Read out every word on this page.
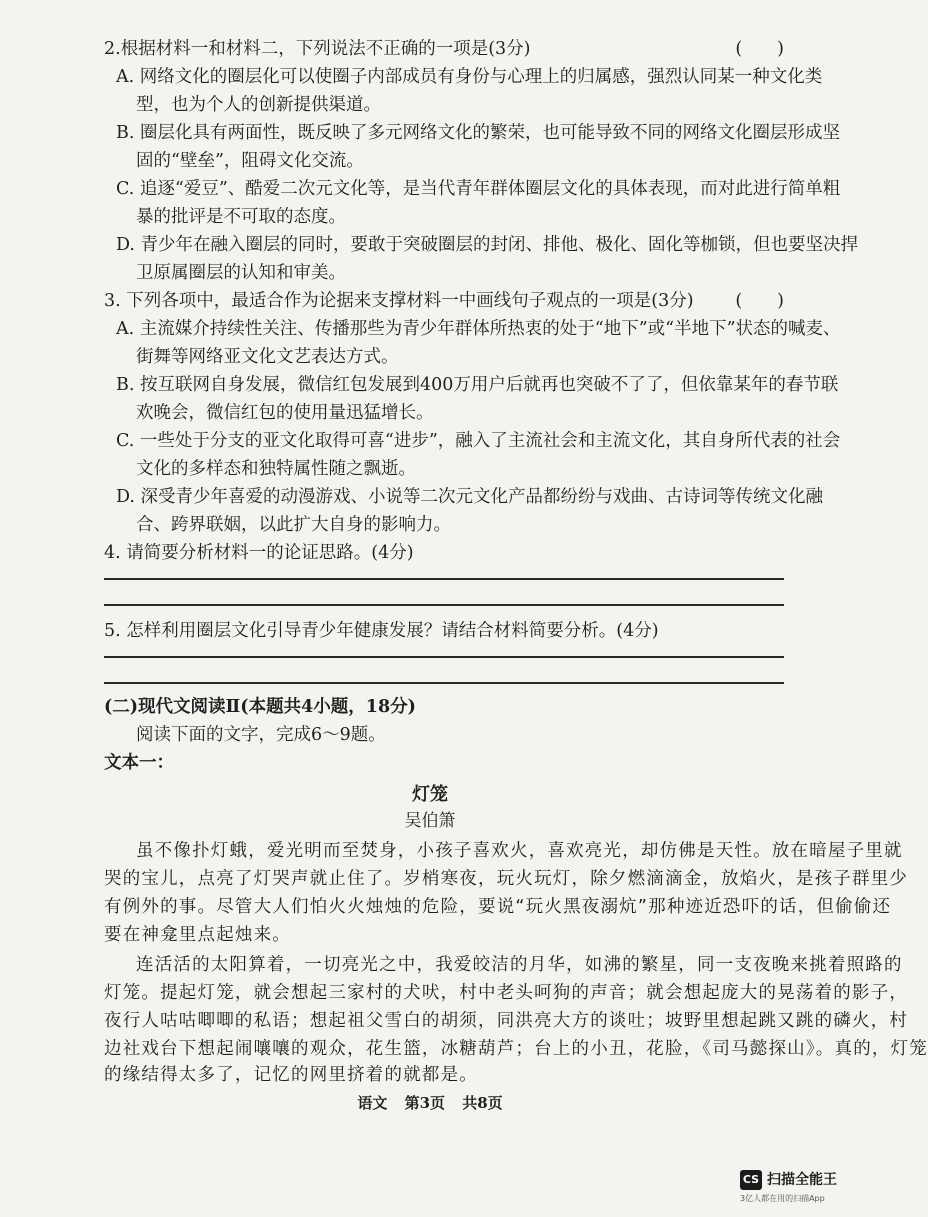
2.根据材料一和材料二，下列说法不正确的一项是(3分)	(　　)
A. 网络文化的圈层化可以使圈子内部成员有身份与心理上的归属感，强烈认同某一种文化类
型，也为个人的创新提供渠道。
B. 圈层化具有两面性，既反映了多元网络文化的繁荣，也可能导致不同的网络文化圈层形成坚
固的“壁垒”，阻碍文化交流。
C. 追逐“爱豆”、酷爱二次元文化等，是当代青年群体圈层文化的具体表现，而对此进行简单粗
暴的批评是不可取的态度。
D. 青少年在融入圈层的同时，要敢于突破圈层的封闭、排他、极化、固化等枷锁，但也要坚决捍
卫原属圈层的认知和审美。
3. 下列各项中，最适合作为论据来支撑材料一中画线句子观点的一项是(3分)	(　　)
A. 主流媒介持续性关注、传播那些为青少年群体所热衷的处于“地下”或“半地下”状态的喊麦、
街舞等网络亚文化文艺表达方式。
B. 按互联网自身发展，微信红包发展到400万用户后就再也突破不了了，但依靠某年的春节联
欢晚会，微信红包的使用量迅猛增长。
C. 一些处于分支的亚文化取得可喜“进步”，融入了主流社会和主流文化，其自身所代表的社会
文化的多样态和独特属性随之飘逝。
D. 深受青少年喜爱的动漫游戏、小说等二次元文化产品都纷纷与戏曲、古诗词等传统文化融
合、跨界联姻，以此扩大自身的影响力。
4. 请简要分析材料一的论证思路。(4分)
5. 怎样利用圈层文化引导青少年健康发展？请结合材料简要分析。(4分)
(二)现代文阅读Ⅱ(本题共4小题，18分)
阅读下面的文字，完成6～9题。
文本一：
灯笼
吴伯箫
虽不像扑灯蛾，爱光明而至焚身，小孩子喜欢火，喜欢亮光，却仿佛是天性。放在暗屋子里就
哭的宝儿，点亮了灯哭声就止住了。岁梢寒夜，玩火玩灯，除夕燃滴滴金，放焰火，是孩子群里少
有例外的事。尽管大人们怕火火烛烛的危险，要说“玩火黑夜溺炕”那种迹近恐吓的话，但偷偷还
要在神龛里点起烛来。
连活活的太阳算着，一切亮光之中，我爱皎洁的月华，如沸的繁星，同一支夜晚来挑着照路的
灯笼。提起灯笼，就会想起三家村的犬吠，村中老头呵狗的声音；就会想起庞大的晃荡着的影子，
夜行人咕咕唧唧的私语；想起祖父雪白的胡须，同洪亮大方的谈吐；坡野里想起跳又跳的磷火，村
边社戏台下想起闹嚷嚷的观众，花生篮，冰糖葫芦；台上的小丑，花脸，《司马懿探山》。真的，灯笼
语文 第3页 共8页
的缘结得太多了，记忆的网里挤着的就都是。
CS 扫描全能王
3亿人都在用的扫描App
